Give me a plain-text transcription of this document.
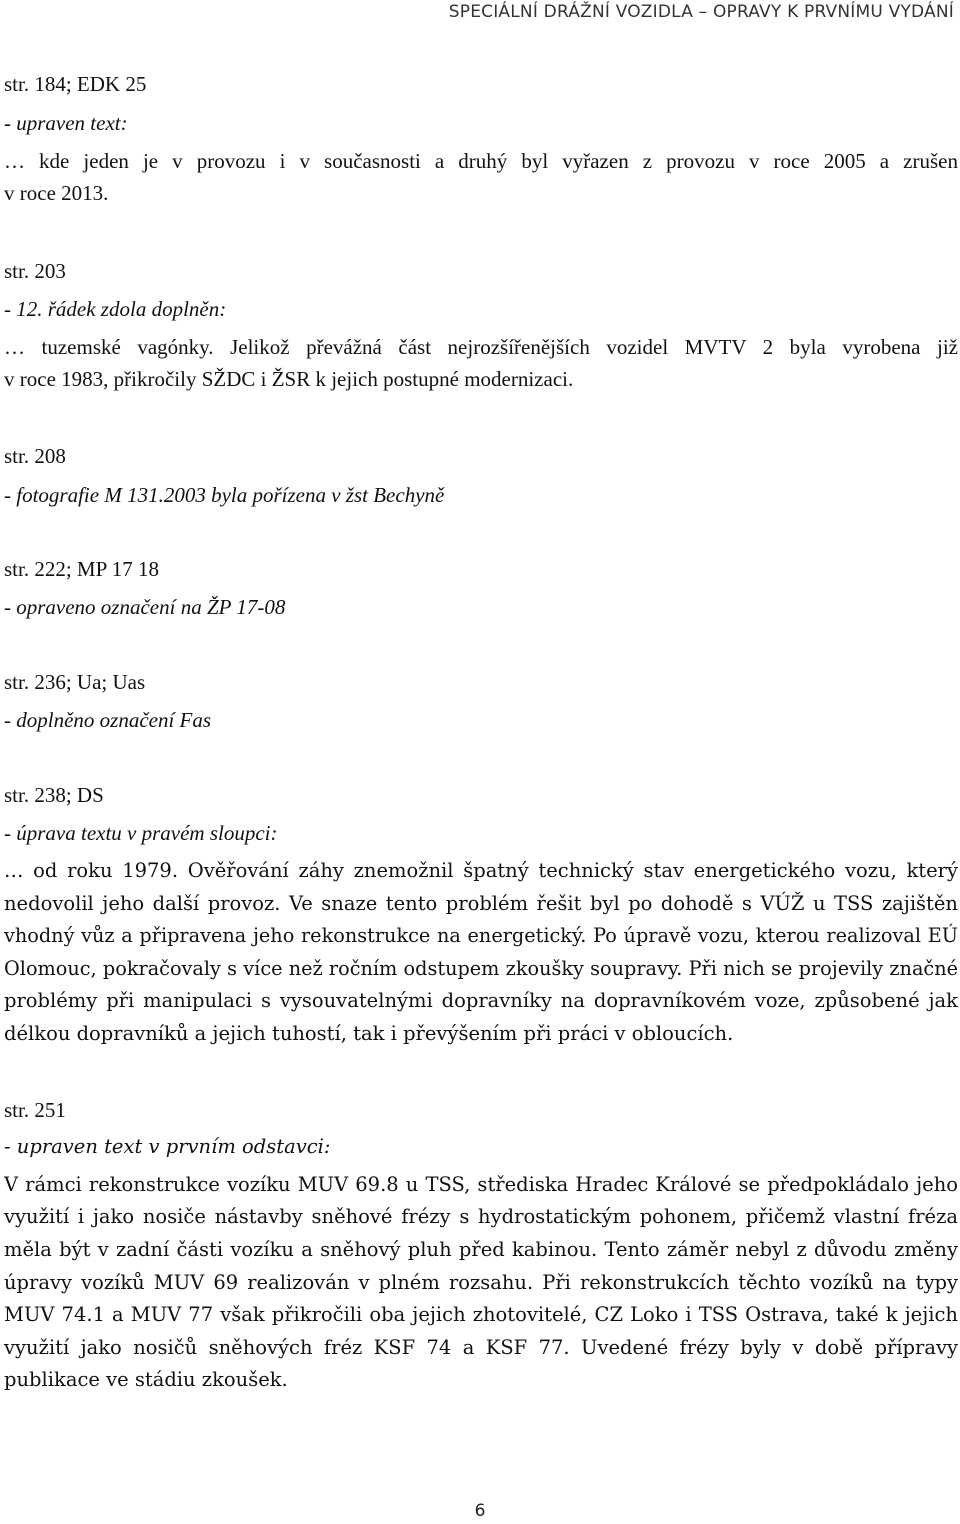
SPECIÁLNÍ DRÁŽNÍ VOZIDLA – OPRAVY K PRVNÍMU VYDÁNÍ
str. 184; EDK 25
- upraven text:
… kde jeden je v provozu i v současnosti a druhý byl vyřazen z provozu v roce 2005 a zrušen
v roce 2013.
str. 203
- 12. řádek zdola doplněn:
… tuzemské vagónky. Jelikož převážná část nejrozšířenějších vozidel MVTV 2 byla vyrobena již
v roce 1983, přikročily SŽDC i ŽSR k jejich postupné modernizaci.
str. 208
- fotografie M 131.2003 byla pořízena v žst Bechyně
str. 222; MP 17 18
- opraveno označení na ŽP 17-08
str. 236; Ua; Uas
- doplněno označení Fas
str. 238; DS
- úprava textu v pravém sloupci:
… od roku 1979. Ověřování záhy znemožnil špatný technický stav energetického vozu, který
nedovolil jeho další provoz. Ve snaze tento problém řešit byl po dohodě s VÚŽ u TSS zajištěn
vhodný vůz a připravena jeho rekonstrukce na energetický. Po úpravě vozu, kterou realizoval EÚ
Olomouc, pokračovaly s více než ročním odstupem zkoušky soupravy. Při nich se projevily značné
problémy při manipulaci s vysouvatelnými dopravníky na dopravníkovém voze, způsobené jak
délkou dopravníků a jejich tuhostí, tak i převýšením při práci v obloucích.
str. 251
- upraven text v prvním odstavci:
V rámci rekonstrukce vozíku MUV 69.8 u TSS, střediska Hradec Králové se předpokládalo jeho
využití i jako nosiče nástavby sněhové frézy s hydrostatickým pohonem, přičemž vlastní fréza
měla být v zadní části vozíku a sněhový pluh před kabinou. Tento záměr nebyl z důvodu změny
úpravy vozíků MUV 69 realizován v plném rozsahu. Při rekonstrukcích těchto vozíků na typy
MUV 74.1 a MUV 77 však přikročili oba jejich zhotovitelé, CZ Loko i TSS Ostrava, také k jejich
využití jako nosičů sněhových fréz KSF 74 a KSF 77. Uvedené frézy byly v době přípravy
publikace ve stádiu zkoušek.
6
